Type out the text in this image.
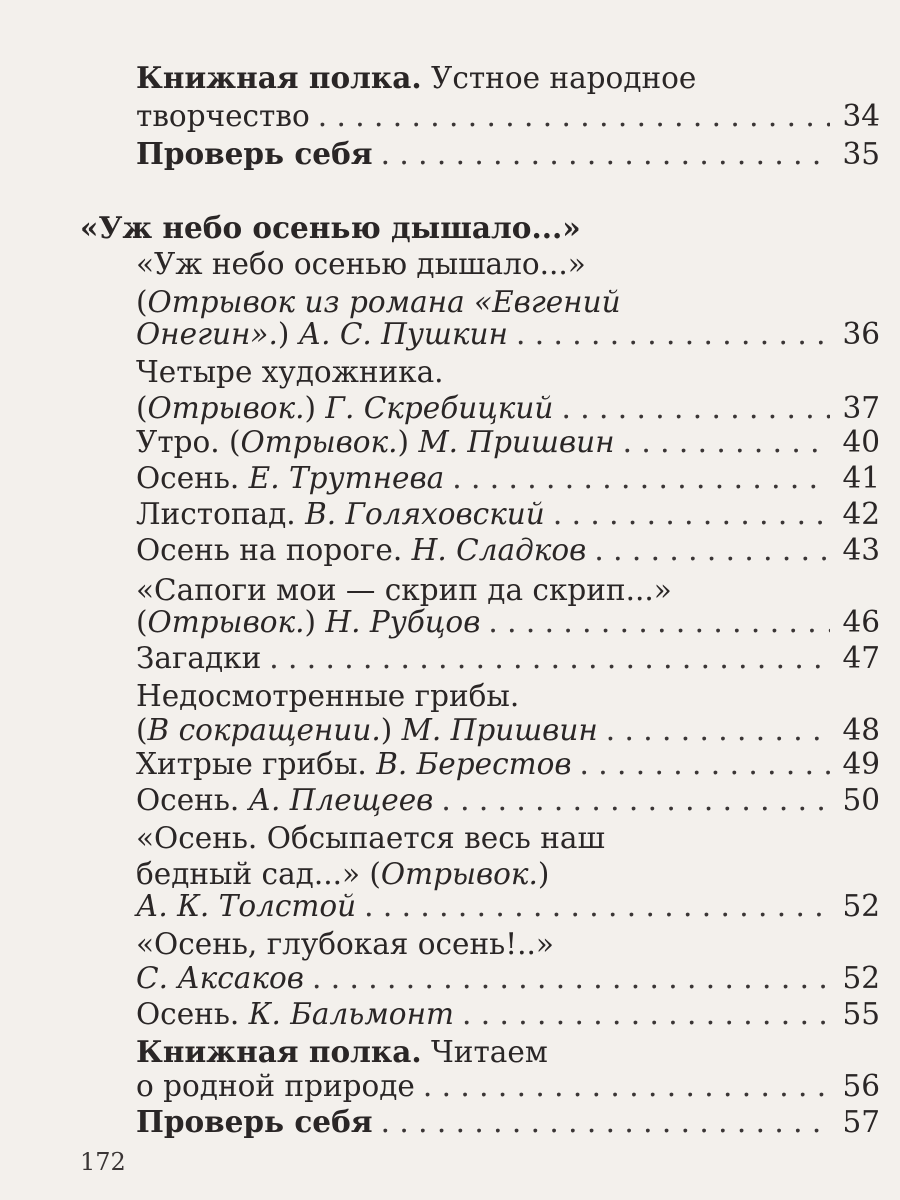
Книжная полка. Устное народное
творчество . . .	34
Проверь себя . . .	35
«Уж небо осенью дышало...»
«Уж небо осенью дышало...»
(Отрывок из романа «Евгений
Онегин».) А. С. Пушкин . . .	36
Четыре художника.
(Отрывок.) Г. Скребицкий . . .	37
Утро. (Отрывок.) М. Пришвин . . .	40
Осень. Е. Трутнева . . .	41
Листопад. В. Голяховский . . .	42
Осень на пороге. Н. Сладков . . .	43
«Сапоги мои — скрип да скрип...»
(Отрывок.) Н. Рубцов . . .	46
Загадки . . .	47
Недосмотренные грибы.
(В сокращении.) М. Пришвин . . .	48
Хитрые грибы. В. Берестов . . .	49
Осень. А. Плещеев . . .	50
«Осень. Обсыпается весь наш
бедный сад...» (Отрывок.)
А. К. Толстой . . .	52
«Осень, глубокая осень!..»
С. Аксаков . . .	52
Осень. К. Бальмонт . . .	55
Книжная полка. Читаем
о родной природе . . .	56
Проверь себя . . .	57
172
